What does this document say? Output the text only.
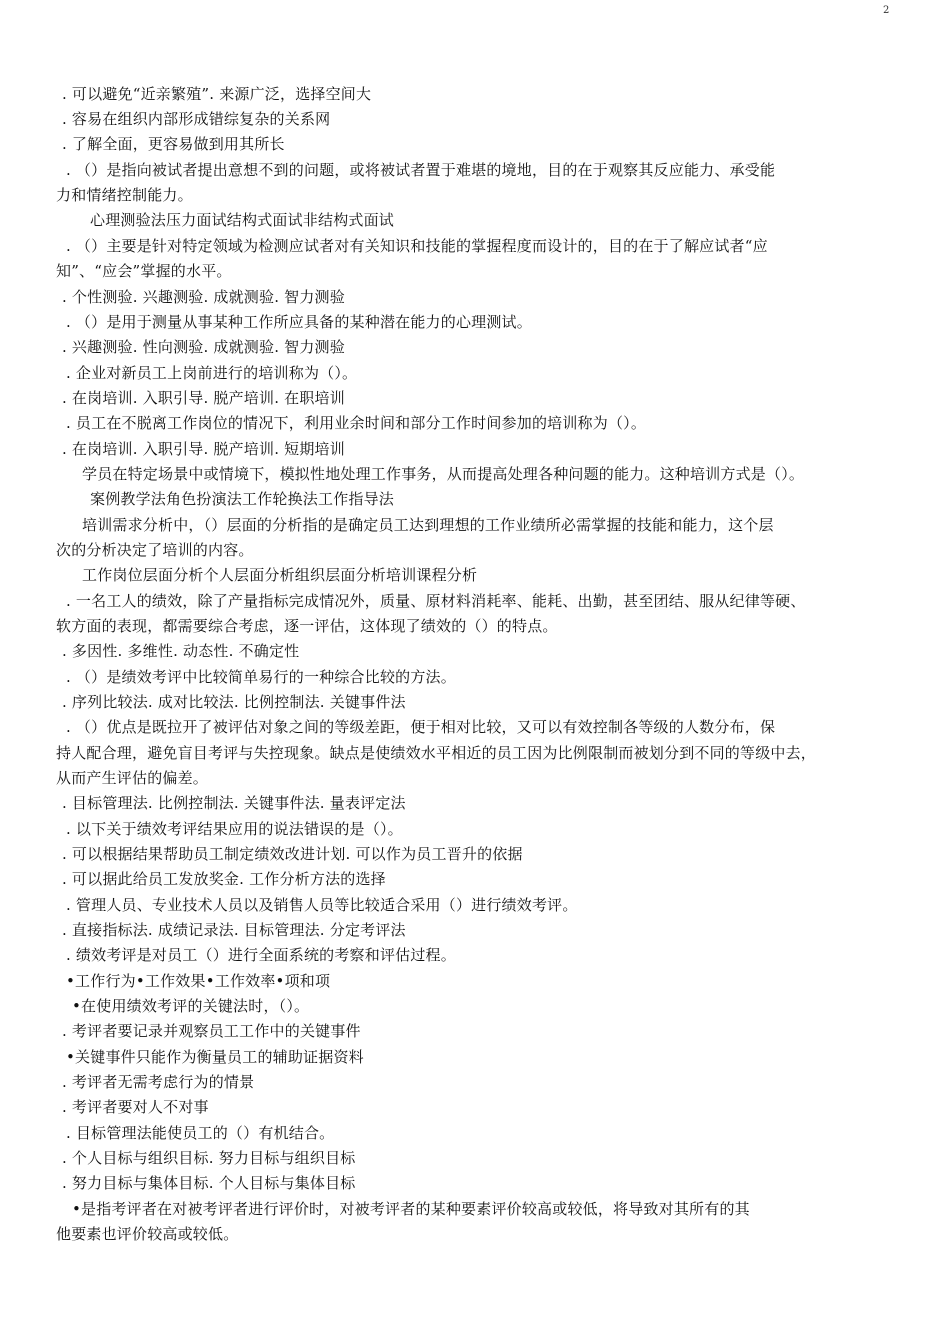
2
. 可以避免“近亲繁殖”. 来源广泛，选择空间大
. 容易在组织内部形成错综复杂的关系网
. 了解全面，更容易做到用其所长
. （）是指向被试者提出意想不到的问题，或将被试者置于难堪的境地，目的在于观察其反应能力、承受能
力和情绪控制能力。
心理测验法压力面试结构式面试非结构式面试
. （）主要是针对特定领域为检测应试者对有关知识和技能的掌握程度而设计的，目的在于了解应试者“应
知”、“应会”掌握的水平。
. 个性测验. 兴趣测验. 成就测验. 智力测验
. （）是用于测量从事某种工作所应具备的某种潜在能力的心理测试。
. 兴趣测验. 性向测验. 成就测验. 智力测验
. 企业对新员工上岗前进行的培训称为（）。
. 在岗培训. 入职引导. 脱产培训. 在职培训
. 员工在不脱离工作岗位的情况下，利用业余时间和部分工作时间参加的培训称为（）。
. 在岗培训. 入职引导. 脱产培训. 短期培训
学员在特定场景中或情境下，模拟性地处理工作事务，从而提高处理各种问题的能力。这种培训方式是（）。
案例教学法角色扮演法工作轮换法工作指导法
培训需求分析中，（）层面的分析指的是确定员工达到理想的工作业绩所必需掌握的技能和能力，这个层
次的分析决定了培训的内容。
工作岗位层面分析个人层面分析组织层面分析培训课程分析
. 一名工人的绩效，除了产量指标完成情况外，质量、原材料消耗率、能耗、出勤，甚至团结、服从纪律等硬、
软方面的表现，都需要综合考虑，逐一评估，这体现了绩效的（）的特点。
. 多因性. 多维性. 动态性. 不确定性
. （）是绩效考评中比较简单易行的一种综合比较的方法。
. 序列比较法. 成对比较法. 比例控制法. 关键事件法
. （）优点是既拉开了被评估对象之间的等级差距，便于相对比较，又可以有效控制各等级的人数分布，保
持人配合理，避免盲目考评与失控现象。缺点是使绩效水平相近的员工因为比例限制而被划分到不同的等级中去，
从而产生评估的偏差。
. 目标管理法. 比例控制法. 关键事件法. 量表评定法
. 以下关于绩效考评结果应用的说法错误的是（）。
. 可以根据结果帮助员工制定绩效改进计划. 可以作为员工晋升的依据
. 可以据此给员工发放奖金. 工作分析方法的选择
. 管理人员、专业技术人员以及销售人员等比较适合采用（）进行绩效考评。
. 直接指标法. 成绩记录法. 目标管理法. 分定考评法
. 绩效考评是对员工（）进行全面系统的考察和评估过程。
•工作行为•工作效果•工作效率•项和项
•在使用绩效考评的关键法时，（）。
. 考评者要记录并观察员工工作中的关键事件
•关键事件只能作为衡量员工的辅助证据资料
. 考评者无需考虑行为的情景
. 考评者要对人不对事
. 目标管理法能使员工的（）有机结合。
. 个人目标与组织目标. 努力目标与组织目标
. 努力目标与集体目标. 个人目标与集体目标
•是指考评者在对被考评者进行评价时，对被考评者的某种要素评价较高或较低，将导致对其所有的其
他要素也评价较高或较低。
